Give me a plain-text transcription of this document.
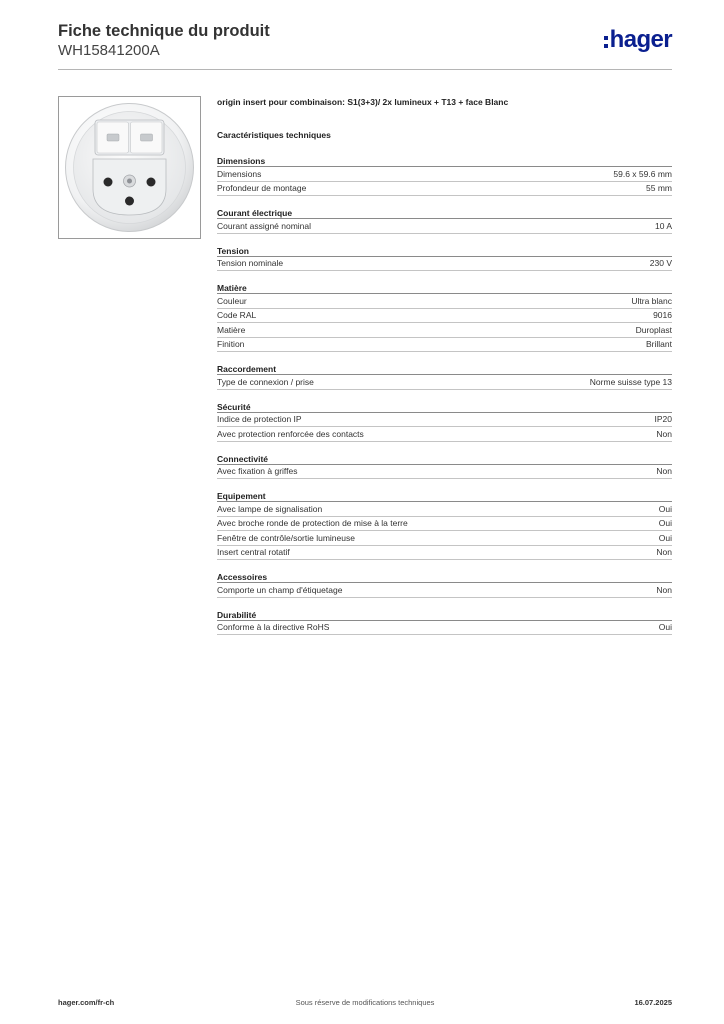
Fiche technique du produit
WH15841200A	hager
origin insert pour combinaison: S1(3+3)/ 2x lumineux + T13 + face Blanc
Caractéristiques techniques
Dimensions
Dimensions	59.6 x 59.6 mm
Profondeur de montage	55 mm
Courant électrique
Courant assigné nominal	10 A
Tension
Tension nominale	230 V
Matière
Couleur	Ultra blanc
Code RAL	9016
Matière	Duroplast
Finition	Brillant
Raccordement
Type de connexion / prise	Norme suisse type 13
Sécurité
Indice de protection IP	IP20
Avec protection renforcée des contacts	Non
Connectivité
Avec fixation à griffes	Non
Equipement
Avec lampe de signalisation	Oui
Avec broche ronde de protection de mise à la terre	Oui
Fenêtre de contrôle/sortie lumineuse	Oui
Insert central rotatif	Non
Accessoires
Comporte un champ d'étiquetage	Non
Durabilité
Conforme à la directive RoHS	Oui
hager.com/fr-ch	Sous réserve de modifications techniques	16.07.2025
